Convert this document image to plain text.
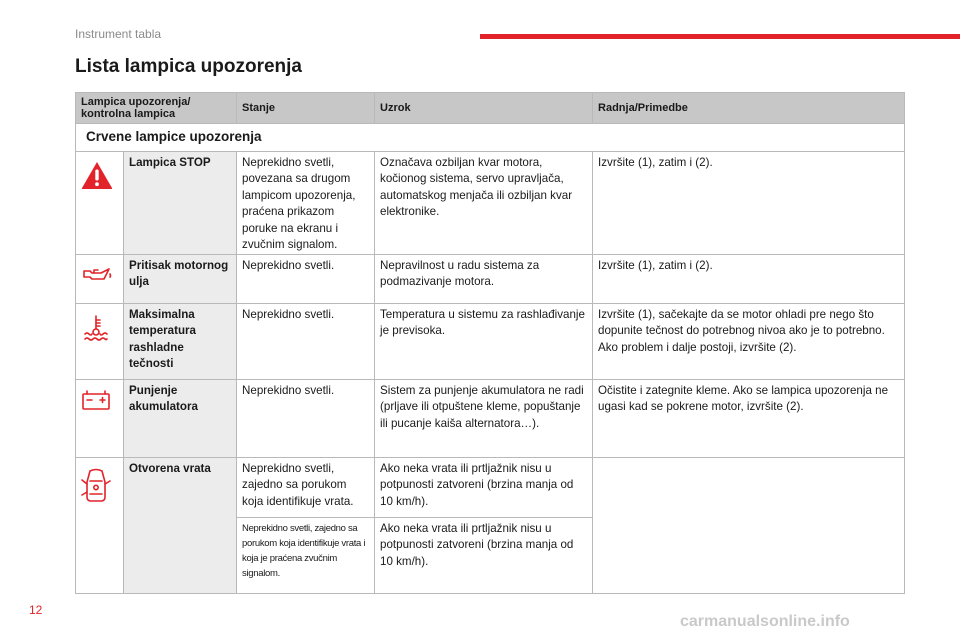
Instrument tabla
Lista lampica upozorenja
Lampica upozorenja/ kontrolna lampica		Stanje	Uzrok	Radnja/Primedbe
Crvene lampice upozorenja				
	Lampica STOP	Neprekidno svetli, povezana sa drugom lampicom upozorenja, praćena prikazom poruke na ekranu i zvučnim signalom.	Označava ozbiljan kvar motora, kočionog sistema, servo upravljača, automatskog menjača ili ozbiljan kvar elektronike.	Izvršite (1), zatim i (2).
	Pritisak motornog ulja	Neprekidno svetli.	Nepravilnost u radu sistema za podmazivanje motora.	Izvršite (1), zatim i (2).
	Maksimalna temperatura rashladne tečnosti	Neprekidno svetli.	Temperatura u sistemu za rashlađivanje je previsoka.	Izvršite (1), sačekajte da se motor ohladi pre nego što dopunite tečnost do potrebnog nivoa ako je to potrebno. Ako problem i dalje postoji, izvršite (2).
	Punjenje akumulatora	Neprekidno svetli.	Sistem za punjenje akumulatora ne radi (prljave ili otpuštene kleme, popuštanje ili pucanje kaiša alternatora…).	Očistite i zategnite kleme. Ako se lampica upozorenja ne ugasi kad se pokrene motor, izvršite (2).
	Otvorena vrata	Neprekidno svetli, zajedno sa porukom koja identifikuje vrata.	Ako neka vrata ili prtljažnik nisu u potpunosti zatvoreni (brzina manja od 10 km/h).	
		Neprekidno svetli, zajedno sa porukom koja identifikuje vrata i koja je praćena zvučnim signalom.	Ako neka vrata ili prtljažnik nisu u potpunosti zatvoreni (brzina manja od 10 km/h).	
12
carmanualsonline.info
